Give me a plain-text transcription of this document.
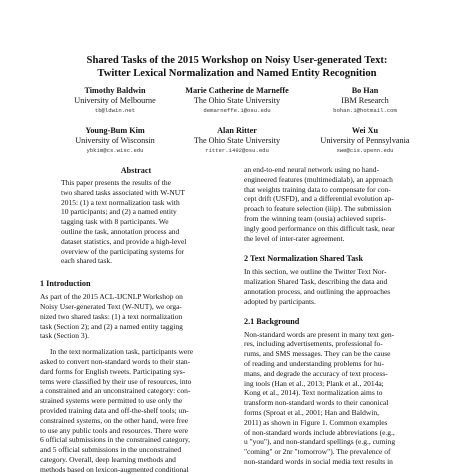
Shared Tasks of the 2015 Workshop on Noisy User-generated Text:
Twitter Lexical Normalization and Named Entity Recognition
Timothy Baldwin
University of Melbourne
tb@ldwin.net
Marie Catherine de Marneffe
The Ohio State University
demarneffe.1@osu.edu
Bo Han
IBM Research
bohan.1@hotmail.com
Young-Bum Kim
University of Wisconsin
ybkim@cs.wisc.edu
Alan Ritter
The Ohio State University
ritter.1492@osu.edu
Wei Xu
University of Pennsylvania
xwe@cis.upenn.edu
Abstract
This paper presents the results of the
two shared tasks associated with W-NUT
2015: (1) a text normalization task with
10 participants; and (2) a named entity
tagging task with 8 participants. We
outline the task, annotation process and
dataset statistics, and provide a high-level
overview of the participating systems for
each shared task.
1 Introduction

As part of the 2015 ACL-IJCNLP Workshop on
Noisy User-generated Text (W-NUT), we orga-
nized two shared tasks: (1) a text normalization
task (Section 2); and (2) a named entity tagging
task (Section 3).

In the text normalization task, participants were
asked to convert non-standard words to their stan-
dard forms for English tweets. Participating sys-
tems were classified by their use of resources, into
a constrained and an unconstrained category: con-
strained systems were permitted to use only the
provided training data and off-the-shelf tools; un-
constrained systems, on the other hand, were free
to use any public tools and resources. There were
6 official submissions in the constrained category,
and 5 official submissions in the unconstrained
category. Overall, deep learning methods and
methods based on lexicon-augmented conditional

an end-to-end neural network using no hand-
engineered features (multimedialab), an approach
that weights training data to compensate for con-
cept drift (USFD), and a differential evolution ap-
proach to feature selection (iiip). The submission
from the winning team (ousia) achieved supris-
ingly good performance on this difficult task, near
the level of inter-rater agreement.

2 Text Normalization Shared Task

In this section, we outline the Twitter Text Nor-
malization Shared Task, describing the data and
annotation process, and outlining the approaches
adopted by participants.

2.1 Background

Non-standard words are present in many text gen-
res, including advertisements, professional fo-
rums, and SMS messages. They can be the cause
of reading and understanding problems for hu-
mans, and degrade the accuracy of text process-
ing tools (Han et al., 2013; Plank et al., 2014a;
Kong et al., 2014). Text normalization aims to
transform non-standard words to their canonical
forms (Sproat et al., 2001; Han and Baldwin,
2011) as shown in Figure 1. Common examples
of non-standard words include abbreviations (e.g.,
u "you"), and non-standard spellings (e.g., cuming
"coming" or 2nr "tomorrow"). The prevalence of
non-standard words in social media text results in
